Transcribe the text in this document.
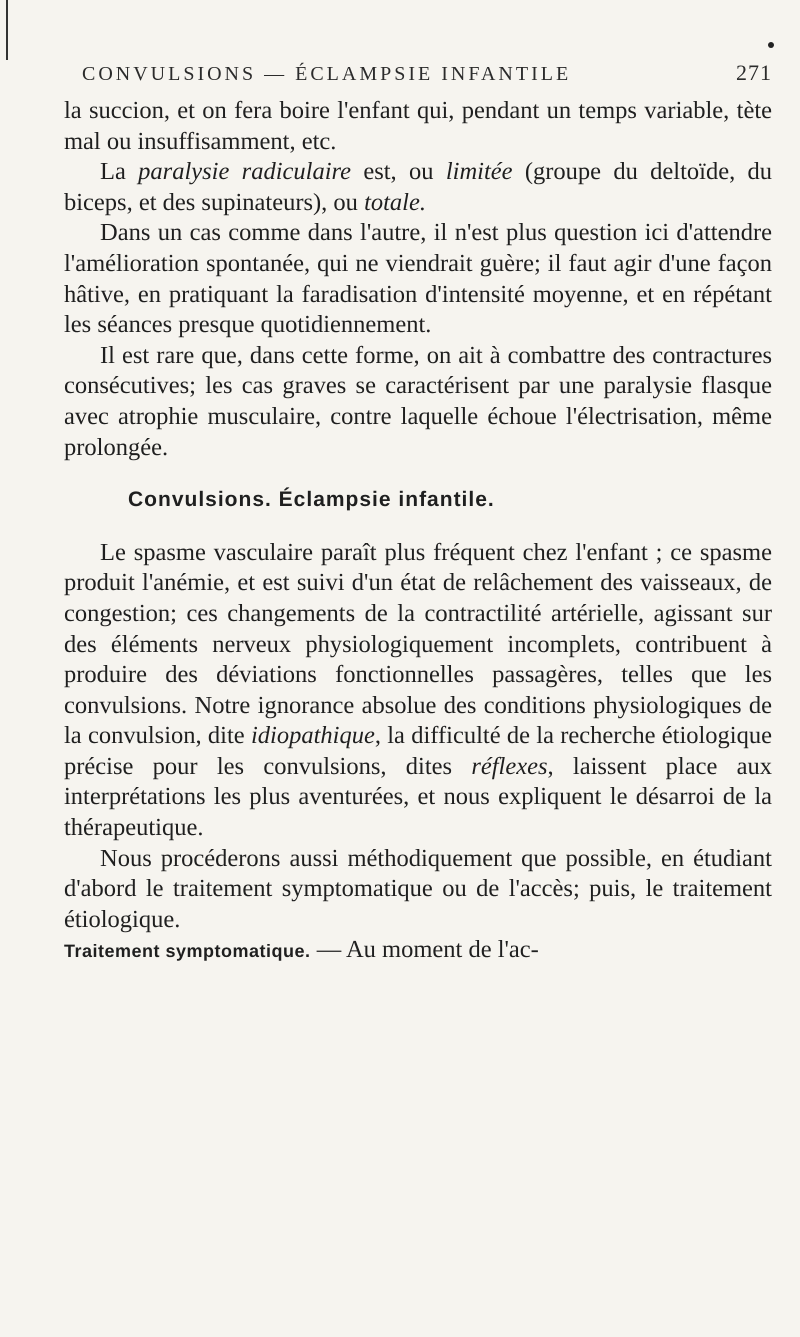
CONVULSIONS — ÉCLAMPSIE INFANTILE	271

la succion, et on fera boire l'enfant qui, pendant un temps variable, tète mal ou insuffisamment, etc.

La paralysie radiculaire est, ou limitée (groupe du deltoïde, du biceps, et des supinateurs), ou totale.

Dans un cas comme dans l'autre, il n'est plus question ici d'attendre l'amélioration spontanée, qui ne viendrait guère; il faut agir d'une façon hâtive, en pratiquant la faradisation d'intensité moyenne, et en répétant les séances presque quotidiennement.

Il est rare que, dans cette forme, on ait à combattre des contractures consécutives; les cas graves se caractérisent par une paralysie flasque avec atrophie musculaire, contre laquelle échoue l'électrisation, même prolongée.

Convulsions. Éclampsie infantile.

Le spasme vasculaire paraît plus fréquent chez l'enfant ; ce spasme produit l'anémie, et est suivi d'un état de relâchement des vaisseaux, de congestion; ces changements de la contractilité artérielle, agissant sur des éléments nerveux physiologiquement incomplets, contribuent à produire des déviations fonctionnelles passagères, telles que les convulsions. Notre ignorance absolue des conditions physiologiques de la convulsion, dite idiopathique, la difficulté de la recherche étiologique précise pour les convulsions, dites réflexes, laissent place aux interprétations les plus aventurées, et nous expliquent le désarroi de la thérapeutique.

Nous procéderons aussi méthodiquement que possible, en étudiant d'abord le traitement symptomatique ou de l'accès; puis, le traitement étiologique.

Traitement symptomatique. — Au moment de l'ac-
